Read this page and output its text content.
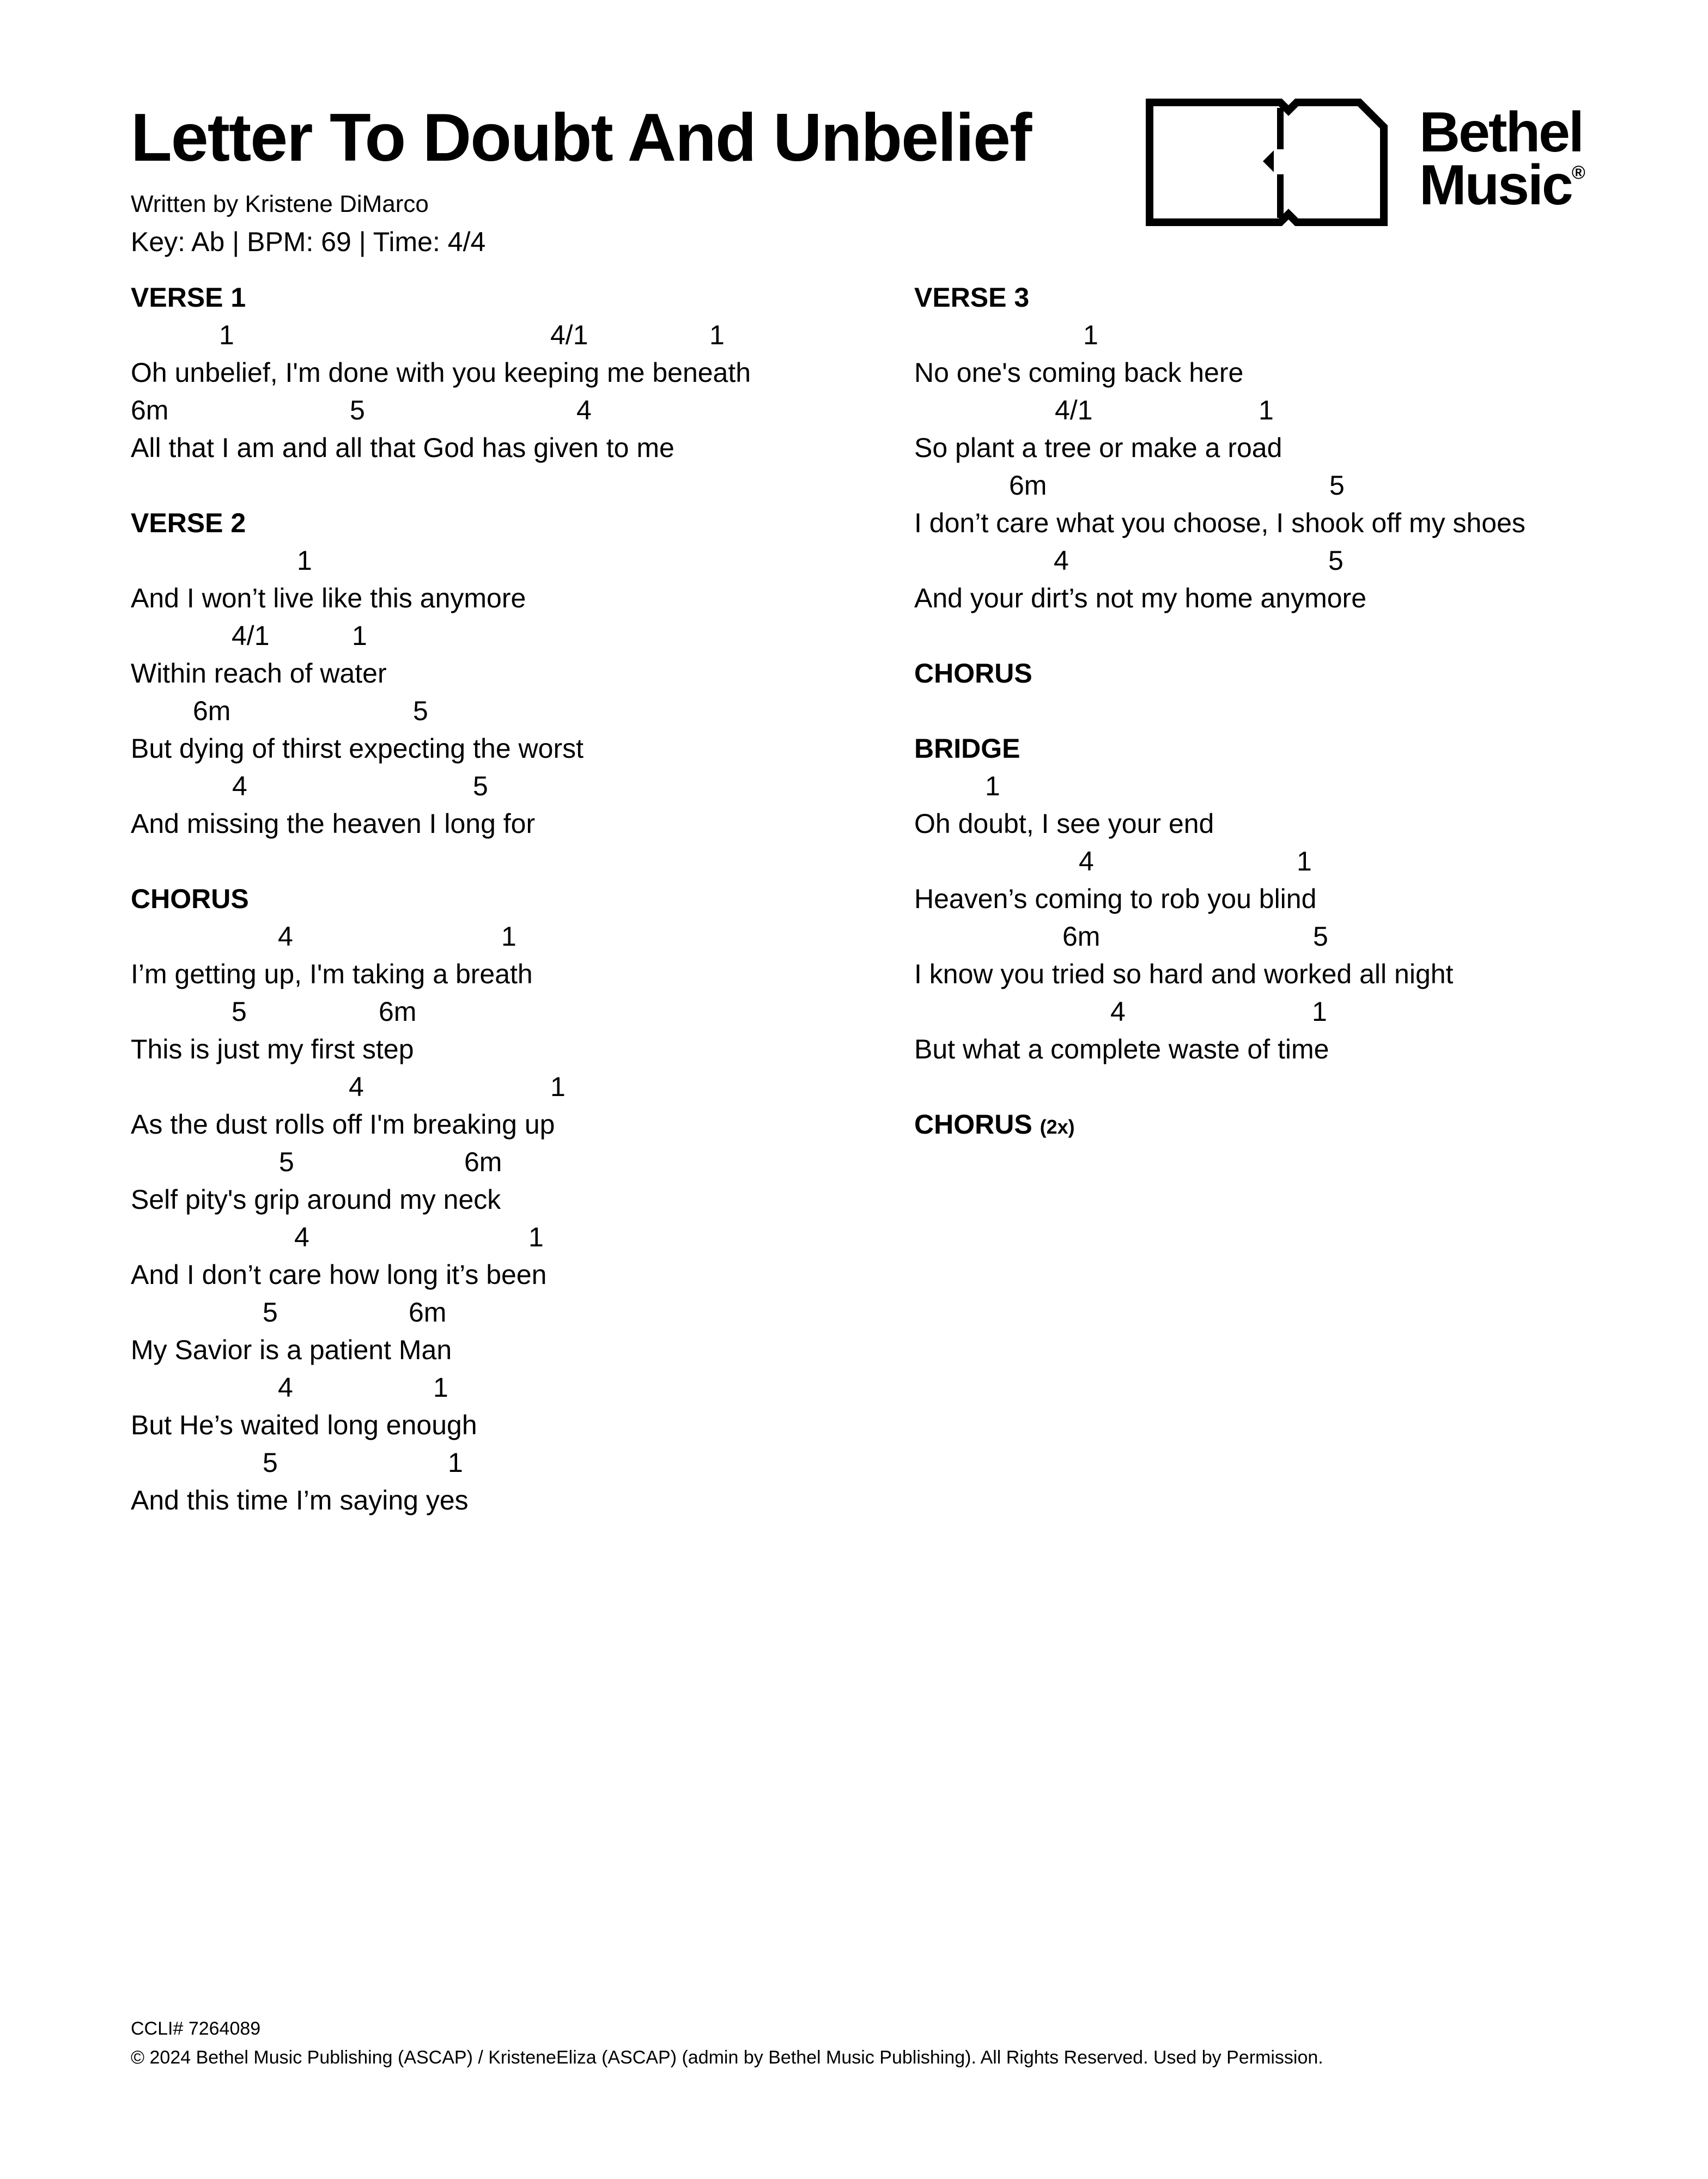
Letter To Doubt And Unbelief
Written by Kristene DiMarco
Key: Ab | BPM: 69 | Time: 4/4
Bethel
Music®
VERSE 1
1	4/1	1
Oh unbelief, I'm done with you keeping me beneath
6m	5	4
All that I am and all that God has given to me
VERSE 2
1
And I won’t live like this anymore
4/1	1
Within reach of water
6m	5
But dying of thirst expecting the worst
4	5
And missing the heaven I long for
CHORUS
4	1
I’m getting up, I'm taking a breath
5	6m
This is just my first step
4	1
As the dust rolls off I'm breaking up
5	6m
Self pity's grip around my neck
4	1
And I don’t care how long it’s been
5	6m
My Savior is a patient Man
4	1
But He’s waited long enough
5	1
And this time I’m saying yes
VERSE 3
1
No one's coming back here
4/1	1
So plant a tree or make a road
6m	5
I don’t care what you choose, I shook off my shoes
4	5
And your dirt’s not my home anymore
CHORUS
BRIDGE
1
Oh doubt, I see your end
4	1
Heaven’s coming to rob you blind
6m	5
I know you tried so hard and worked all night
4	1
But what a complete waste of time
CHORUS (2x)
CCLI# 7264089
© 2024 Bethel Music Publishing (ASCAP) / KristeneEliza (ASCAP) (admin by Bethel Music Publishing). All Rights Reserved. Used by Permission.
